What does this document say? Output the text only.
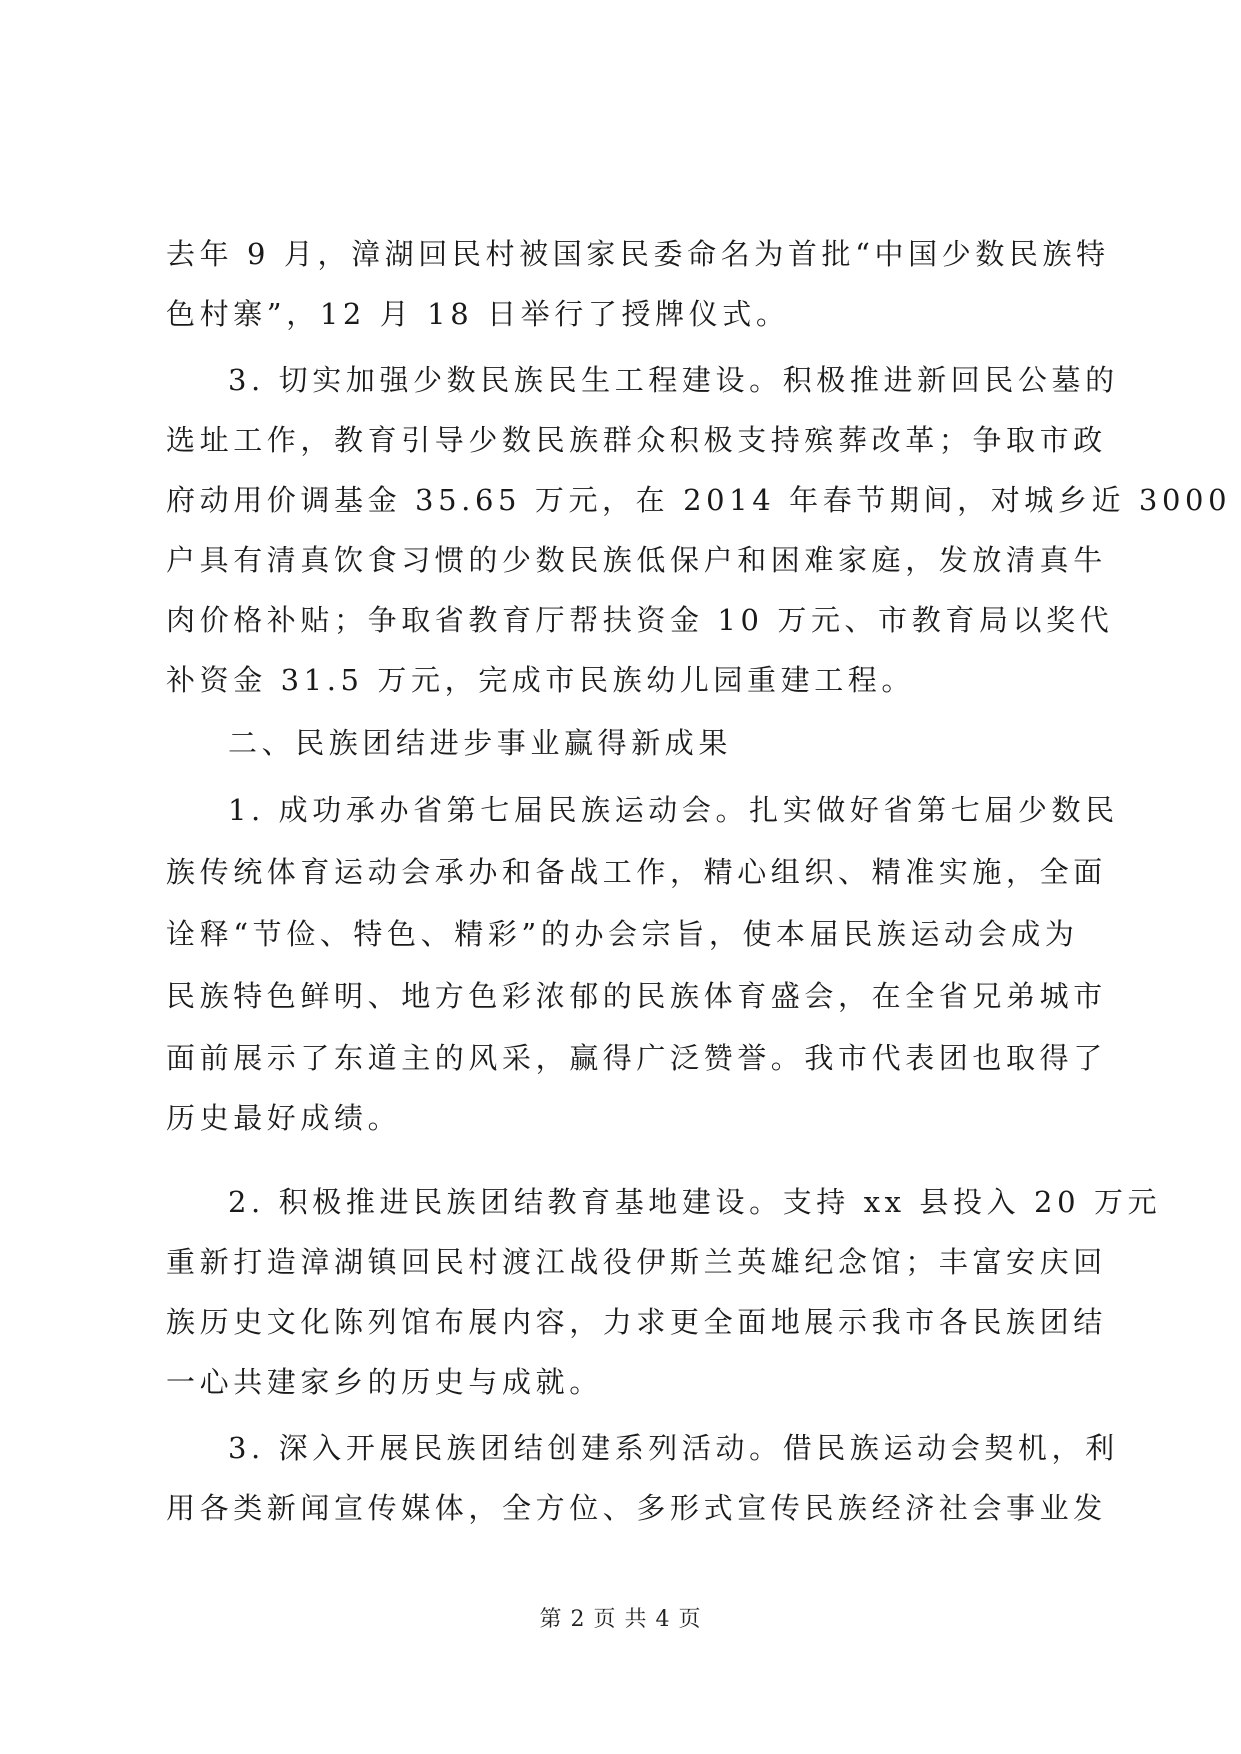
去年 9 月，漳湖回民村被国家民委命名为首批“中国少数民族特
色村寨”，12 月 18 日举行了授牌仪式。
3. 切实加强少数民族民生工程建设。积极推进新回民公墓的
选址工作，教育引导少数民族群众积极支持殡葬改革；争取市政
府动用价调基金 35.65 万元，在 2014 年春节期间，对城乡近 3000
户具有清真饮食习惯的少数民族低保户和困难家庭，发放清真牛
肉价格补贴；争取省教育厅帮扶资金 10 万元、市教育局以奖代
补资金 31.5 万元，完成市民族幼儿园重建工程。
二、民族团结进步事业赢得新成果
1. 成功承办省第七届民族运动会。扎实做好省第七届少数民
族传统体育运动会承办和备战工作，精心组织、精准实施，全面
诠释“节俭、特色、精彩”的办会宗旨，使本届民族运动会成为
民族特色鲜明、地方色彩浓郁的民族体育盛会，在全省兄弟城市
面前展示了东道主的风采，赢得广泛赞誉。我市代表团也取得了
历史最好成绩。
2. 积极推进民族团结教育基地建设。支持 xx 县投入 20 万元
重新打造漳湖镇回民村渡江战役伊斯兰英雄纪念馆；丰富安庆回
族历史文化陈列馆布展内容，力求更全面地展示我市各民族团结
一心共建家乡的历史与成就。
3. 深入开展民族团结创建系列活动。借民族运动会契机，利
用各类新闻宣传媒体，全方位、多形式宣传民族经济社会事业发
第 2 页 共 4 页
